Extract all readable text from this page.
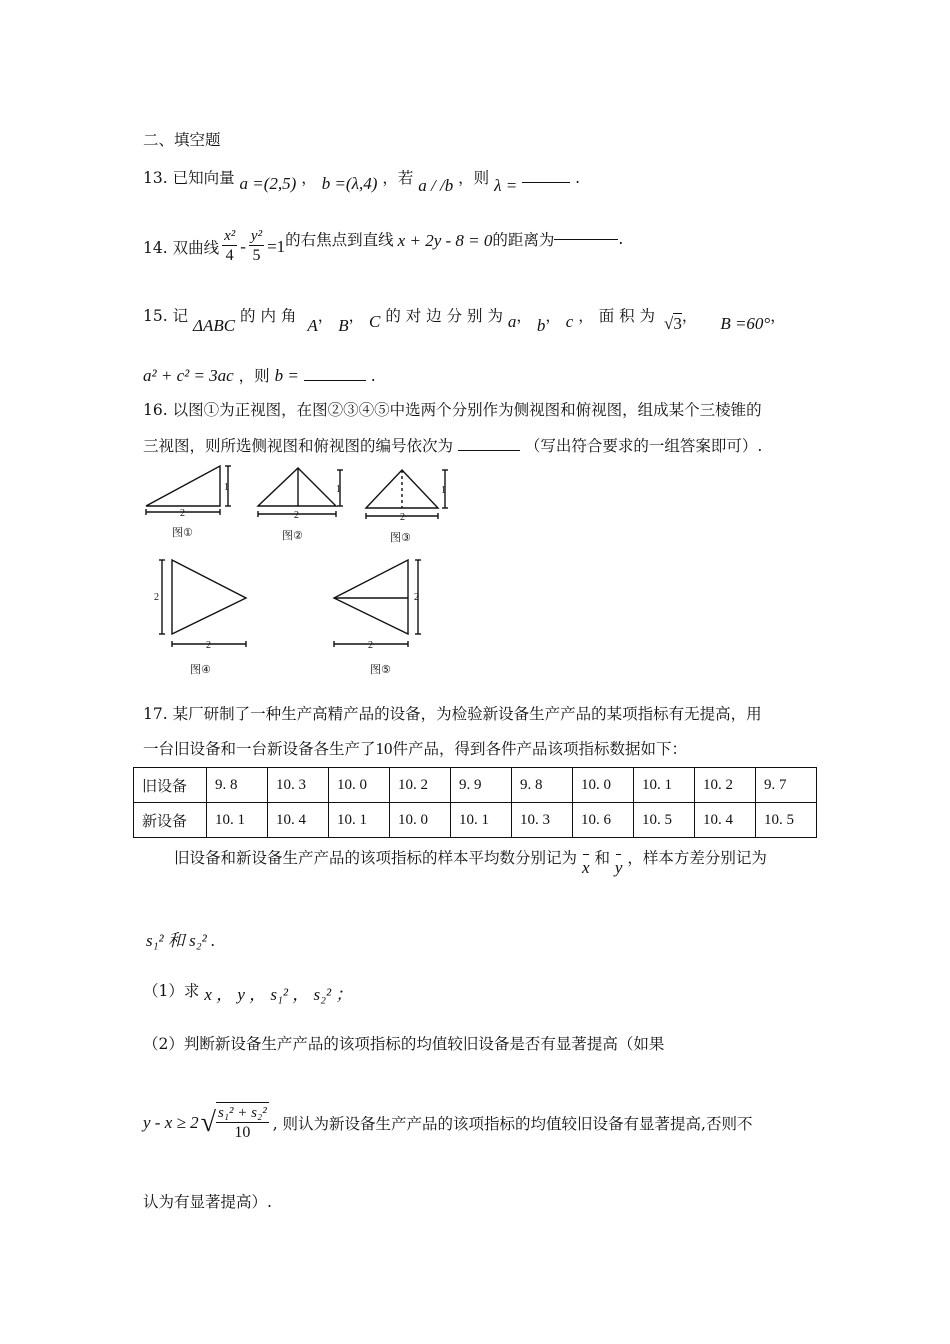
二、填空题
13. 已知向量 a =(2,5) ， b =(λ,4) ，若 a / /b ，则 λ =	.
14. 双曲线 $\frac{\text{x²}}{4} - \frac{\text{y²}}{5} =1$ 的右焦点到直线 x + 2y - 8 = 0 的距离为	.
15. 记 ΔABC 的 内 角 A， B， C 的 对 边 分 别 为 a， b， c ， 面 积 为 √3， B =60°，
a² + c² = 3ac ，则 b =	.
16. 以图①为正视图，在图②③④⑤中选两个分别作为侧视图和俯视图，组成某个三棱锥的
三视图，则所选侧视图和俯视图的编号依次为	（写出符合要求的一组答案即可）.
2
1
2
1
2
1
2
2
2
2
图①	图②	图③
图④	图⑤
17. 某厂研制了一种生产高精产品的设备，为检验新设备生产产品的某项指标有无提高，用
一台旧设备和一台新设备各生产了10件产品，得到各件产品该项指标数据如下：
旧设备	9. 8	10. 3	10. 0	10. 2	9. 9	9. 8	10. 0	10. 1	10. 2	9. 7
新设备	10. 1	10. 4	10. 1	10. 0	10. 1	10. 3	10. 6	10. 5	10. 4	10. 5
旧设备和新设备生产产品的该项指标的样本平均数分别记为 x 和 y ，样本方差分别记为
s₁² 和 s₂² .
（1）求 x ， y ， s₁² ， s₂² ；
（2）判断新设备生产产品的该项指标的均值较旧设备是否有显著提高（如果
y - x ≥ 2 √ $\frac{\text{s₁² + s₂²}}{10}$ , 则认为新设备生产产品的该项指标的均值较旧设备有显著提高,否则不
认为有显著提高）.
